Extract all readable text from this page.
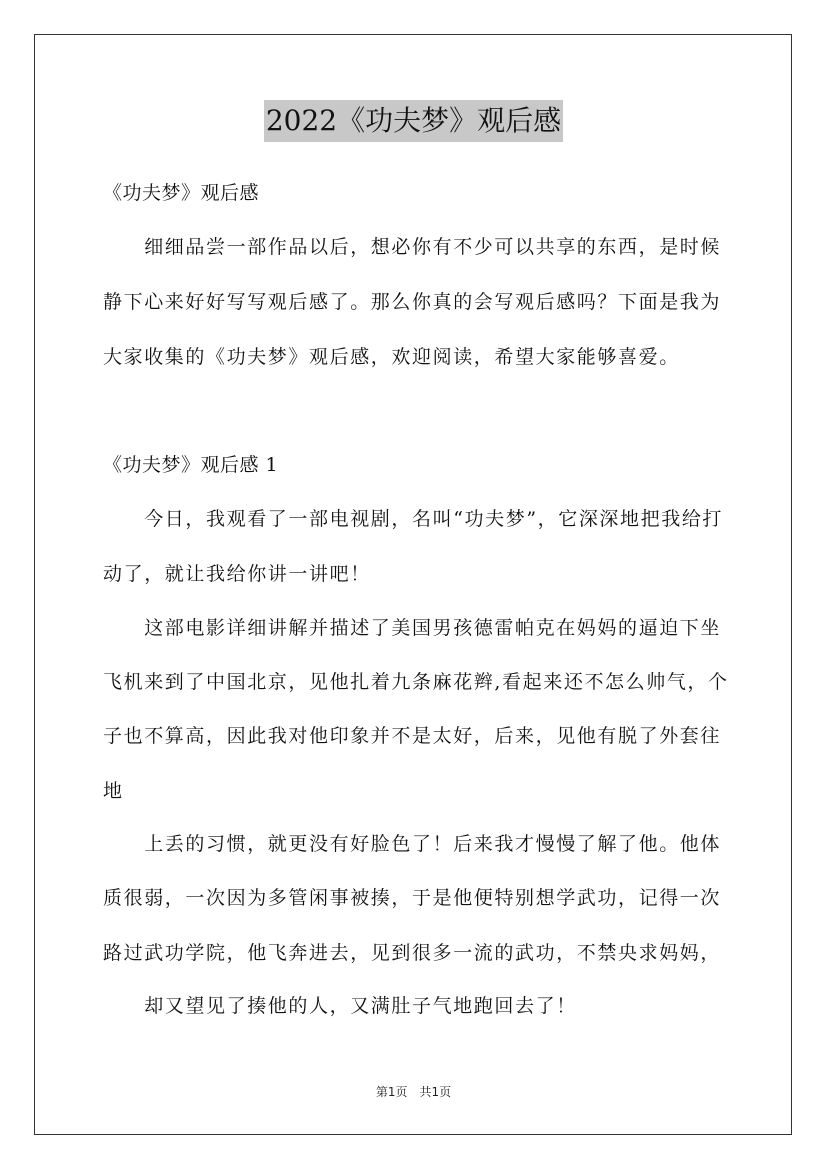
2022《功夫梦》观后感
《功夫梦》观后感
　　细细品尝一部作品以后，想必你有不少可以共享的东西，是时候
静下心来好好写写观后感了。那么你真的会写观后感吗？下面是我为
大家收集的《功夫梦》观后感，欢迎阅读，希望大家能够喜爱。
《功夫梦》观后感 1
　　今日，我观看了一部电视剧，名叫“功夫梦”，它深深地把我给打
动了，就让我给你讲一讲吧！
　　这部电影详细讲解并描述了美国男孩德雷帕克在妈妈的逼迫下坐
飞机来到了中国北京，见他扎着九条麻花辫,看起来还不怎么帅气，个
子也不算高，因此我对他印象并不是太好，后来，见他有脱了外套往
地
　　上丢的习惯，就更没有好脸色了！后来我才慢慢了解了他。他体
质很弱，一次因为多管闲事被揍，于是他便特别想学武功，记得一次
路过武功学院，他飞奔进去，见到很多一流的武功，不禁央求妈妈，
　　却又望见了揍他的人，又满肚子气地跑回去了！
第1页　共1页
